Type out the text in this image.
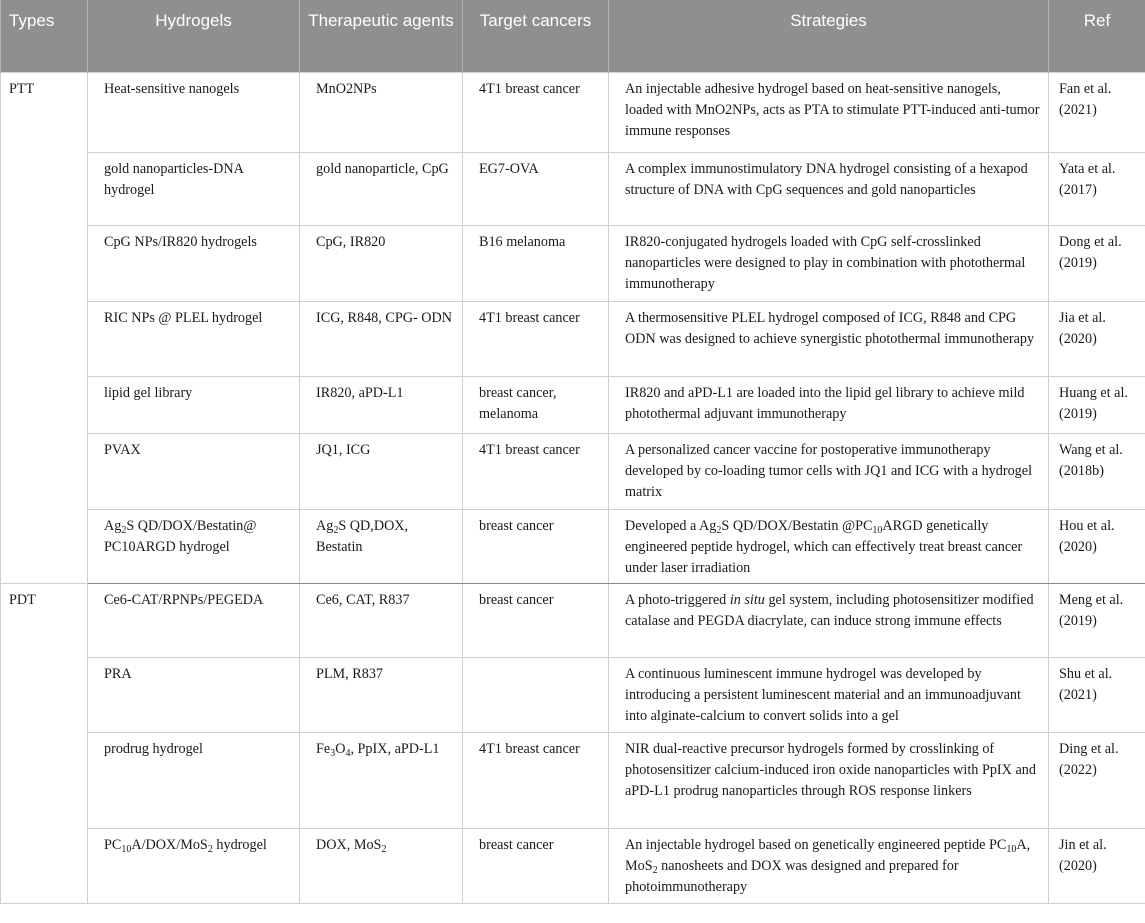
Types	Hydrogels	Therapeutic agents	Target cancers	Strategies	Ref
PTT	Heat-sensitive nanogels	MnO2NPs	4T1 breast cancer	An injectable adhesive hydrogel based on heat-sensitive nanogels, loaded with MnO2NPs, acts as PTA to stimulate PTT-induced anti-tumor immune responses	Fan et al. (2021)
	gold nanoparticles-DNA hydrogel	gold nanoparticle, CpG	EG7-OVA	A complex immunostimulatory DNA hydrogel consisting of a hexapod structure of DNA with CpG sequences and gold nanoparticles	Yata et al. (2017)
	CpG NPs/IR820 hydrogels	CpG, IR820	B16 melanoma	IR820-conjugated hydrogels loaded with CpG self-crosslinked nanoparticles were designed to play in combination with photothermal immunotherapy	Dong et al. (2019)
	RIC NPs @ PLEL hydrogel	ICG, R848, CPG- ODN	4T1 breast cancer	A thermosensitive PLEL hydrogel composed of ICG, R848 and CPG ODN was designed to achieve synergistic photothermal immunotherapy	Jia et al. (2020)
	lipid gel library	IR820, aPD-L1	breast cancer, melanoma	IR820 and aPD-L1 are loaded into the lipid gel library to achieve mild photothermal adjuvant immunotherapy	Huang et al. (2019)
	PVAX	JQ1, ICG	4T1 breast cancer	A personalized cancer vaccine for postoperative immunotherapy developed by co-loading tumor cells with JQ1 and ICG with a hydrogel matrix	Wang et al. (2018b)
	$Ag_2S$ QD/DOX/Bestatin@ PC10ARGD hydrogel	$Ag_2S$ QD,DOX, Bestatin	breast cancer	Developed a $Ag_2S$ QD/DOX/Bestatin $@PC_{10}ARGD$ genetically engineered peptide hydrogel, which can effectively treat breast cancer under laser irradiation	Hou et al. (2020)
PDT	Ce6-CAT/RPNPs/PEGEDA	Ce6, CAT, R837	breast cancer	A photo-triggered in situ gel system, including photosensitizer modified catalase and PEGDA diacrylate, can induce strong immune effects	Meng et al. (2019)
	PRA	PLM, R837		A continuous luminescent immune hydrogel was developed by introducing a persistent luminescent material and an immunoadjuvant into alginate-calcium to convert solids into a gel	Shu et al. (2021)
	prodrug hydrogel	$Fe_3O_4$, PpIX, aPD-L1	4T1 breast cancer	NIR dual-reactive precursor hydrogels formed by crosslinking of photosensitizer calcium-induced iron oxide nanoparticles with PpIX and aPD-L1 prodrug nanoparticles through ROS response linkers	Ding et al. (2022)
	$PC_{10}A/DOX/MoS_2$ hydrogel	DOX, MoS$_2$	breast cancer	An injectable hydrogel based on genetically engineered peptide $PC_{10}A$, MoS$_2$ nanosheets and DOX was designed and prepared for photoimmunotherapy	Jin et al. (2020)
